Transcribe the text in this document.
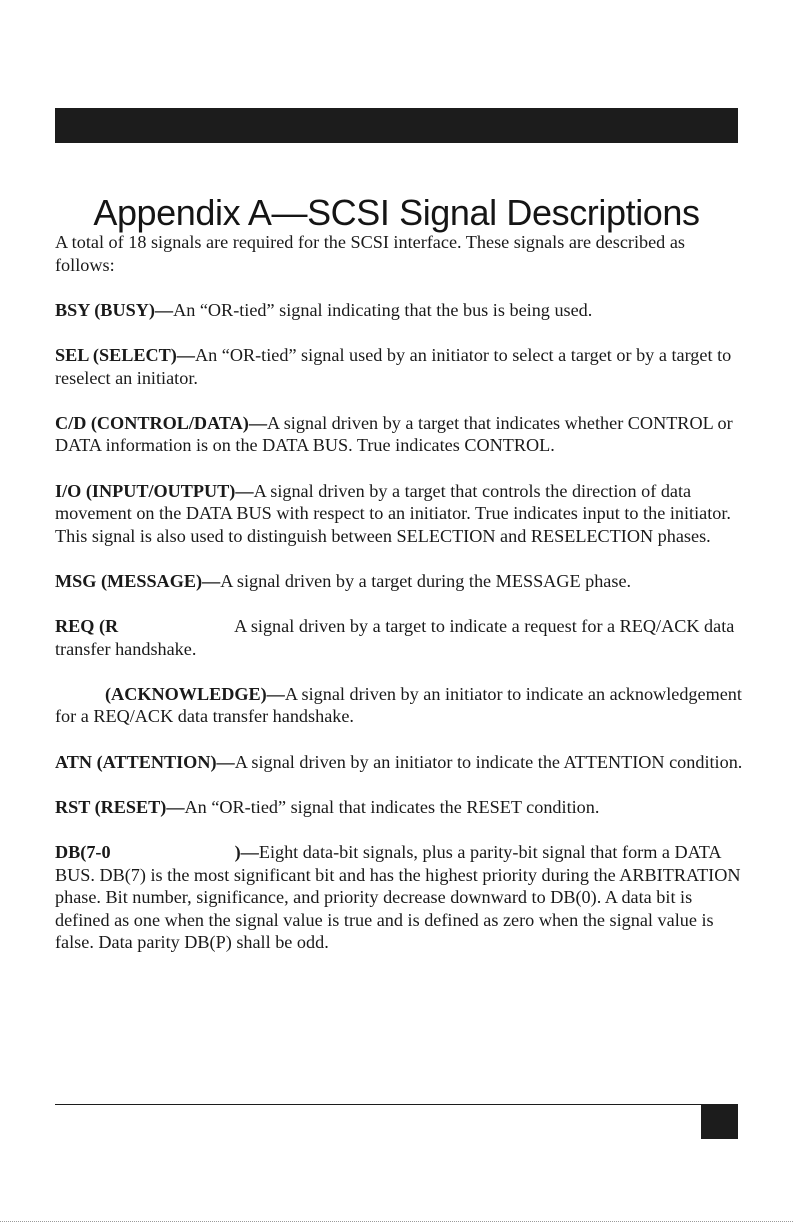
Appendix A—SCSI Signal Descriptions

A total of 18 signals are required for the SCSI interface. These signals are described as follows:

BSY (BUSY)—An “OR-tied” signal indicating that the bus is being used.

SEL (SELECT)—An “OR-tied” signal used by an initiator to select a target or by a target to reselect an initiator.

C/D (CONTROL/DATA)—A signal driven by a target that indicates whether CONTROL or DATA information is on the DATA BUS. True indicates CONTROL.

I/O (INPUT/OUTPUT)—A signal driven by a target that controls the direction of data movement on the DATA BUS with respect to an initiator. True indicates input to the initiator. This signal is also used to distinguish between SELECTION and RESELECTION phases.

MSG (MESSAGE)—A signal driven by a target during the MESSAGE phase.

REQ (R	A signal driven by a target to indicate a request for a REQ/ACK data transfer handshake.

(ACKNOWLEDGE)—A signal driven by an initiator to indicate an acknowledgement for a REQ/ACK data transfer handshake.

ATN (ATTENTION)—A signal driven by an initiator to indicate the ATTENTION condition.

RST (RESET)—An “OR-tied” signal that indicates the RESET condition.

DB(7-0	)—Eight data-bit signals, plus a parity-bit signal that form a DATA BUS. DB(7) is the most significant bit and has the highest priority during the ARBITRATION phase. Bit number, significance, and priority decrease downward to DB(0). A data bit is defined as one when the signal value is true and is defined as zero when the signal value is false. Data parity DB(P) shall be odd.
